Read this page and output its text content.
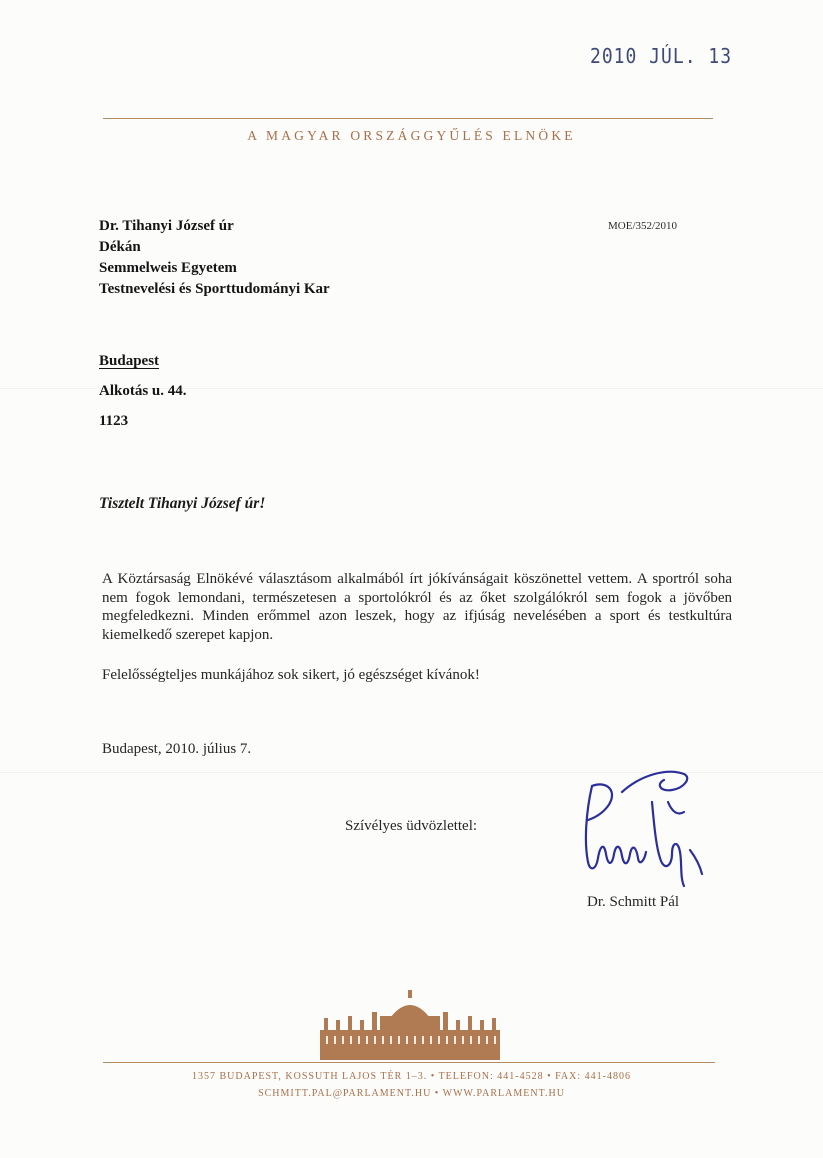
2010 JÚL. 13
A MAGYAR ORSZÁGGYŰLÉS ELNÖKE
MOE/352/2010
Dr. Tihanyi József úr
Dékán
Semmelweis Egyetem
Testnevelési és Sporttudományi Kar
Budapest
Alkotás u. 44.
1123
Tisztelt Tihanyi József úr!
A Köztársaság Elnökévé választásom alkalmából írt jókívánságait köszönettel vettem. A sportról soha nem fogok lemondani, természetesen a sportolókról és az őket szolgálókról sem fogok a jövőben megfeledkezni. Minden erőmmel azon leszek, hogy az ifjúság nevelésében a sport és testkultúra kiemelkedő szerepet kapjon.
Felelősségteljes munkájához sok sikert, jó egészséget kívánok!
Budapest, 2010. július 7.
Szívélyes üdvözlettel:
Dr. Schmitt Pál
1357 BUDAPEST, KOSSUTH LAJOS TÉR 1–3. • TELEFON: 441-4528 • FAX: 441-4806
SCHMITT.PAL@PARLAMENT.HU • WWW.PARLAMENT.HU
